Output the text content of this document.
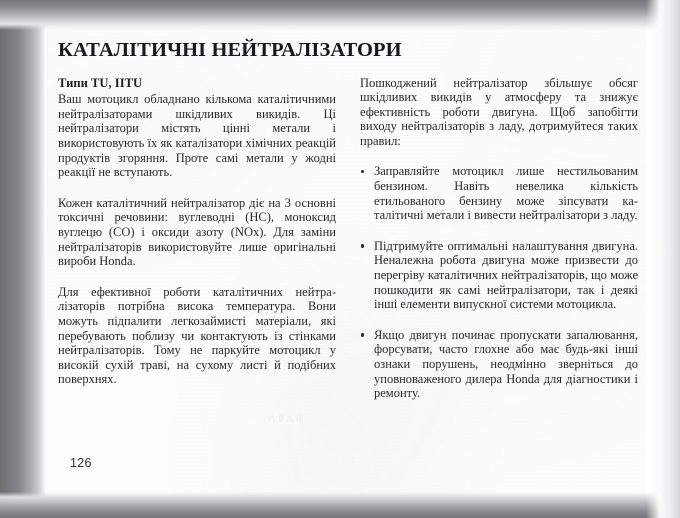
КАТАЛІТИЧНІ НЕЙТРАЛІЗАТОРИ
Типи TU, IITU

Ваш мотоцикл обладнано кількома каталітичними нейтралізаторами шкідливих викидів. Ці нейтралізатори містять цінні метали і використовують їх як каталізатори хімічних реакцій продуктів згоряння. Проте самі метали у жодні реакції не вступають.

Кожен каталітичний нейтралізатор діє на 3 основні токсичні речовини: вуглеводні (HC), моноксид вуглецю (CO) і оксиди азоту (NOx). Для заміни нейтралізаторів використовуйте лише оригінальні вироби Honda.

Для ефективної роботи каталітичних нейтралізаторів потрібна висока температура. Вони можуть підпалити легкозаймисті матеріали, які перебувають поблизу чи контактують із стінками нейтралізаторів. Тому не паркуйте мотоцикл у високій сухій траві, на сухому листі й подібних поверхнях.

Пошкоджений нейтралізатор збільшує обсяг шкідливих викидів у атмосферу та знижує ефективність роботи двигуна. Щоб запобігти виходу нейтралізаторів з ладу, дотримуйтеся таких правил:

Заправляйте мотоцикл лише нестильованим бензином. Навіть невелика кількість етильованого бензину може зіпсувати каталітичні метали і вивести нейтралізатори з ладу.
Підтримуйте оптимальні налаштування двигуна. Неналежна робота двигуна може призвести до перегріву каталітичних нейтралізаторів, що може пошкодити як самі нейтралізатори, так і деякі інші елементи випускної системи мотоцикла.
Якщо двигун починає пропускати запалювання, форсувати, часто глохне або має будь-які інші ознаки порушень, неодмінно зверніться до уповноваженого дилера Honda для діагностики і ремонту.
Λ θ Λ θ|
126
